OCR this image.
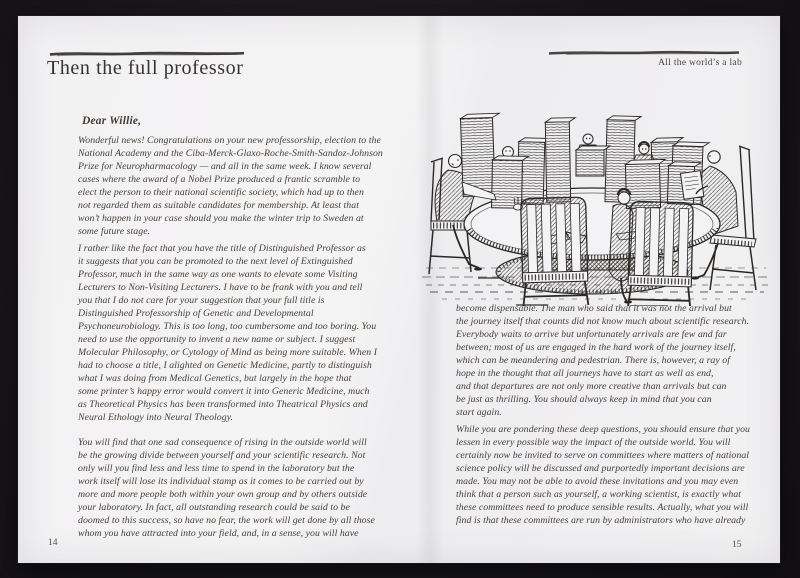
Then the full professor
Dear Willie,
Wonderful news! Congratulations on your new professorship, election to the
National Academy and the Ciba-Merck-Glaxo-Roche-Smith-Sandoz-Johnson
Prize for Neuropharmacology — and all in the same week. I know several
cases where the award of a Nobel Prize produced a frantic scramble to
elect the person to their national scientific society, which had up to then
not regarded them as suitable candidates for membership. At least that
won’t happen in your case should you make the winter trip to Sweden at
some future stage.
I rather like the fact that you have the title of Distinguished Professor as
it suggests that you can be promoted to the next level of Extinguished
Professor, much in the same way as one wants to elevate some Visiting
Lecturers to Non-Visiting Lecturers. I have to be frank with you and tell
you that I do not care for your suggestion that your full title is
Distinguished Professorship of Genetic and Developmental
Psychoneurobiology. This is too long, too cumbersome and too boring. You
need to use the opportunity to invent a new name or subject. I suggest
Molecular Philosophy, or Cytology of Mind as being more suitable. When I
had to choose a title, I alighted on Genetic Medicine, partly to distinguish
what I was doing from Medical Genetics, but largely in the hope that
some printer’s happy error would convert it into Generic Medicine, much
as Theoretical Physics has been transformed into Theatrical Physics and
Neural Ethology into Neural Theology.
You will find that one sad consequence of rising in the outside world will
be the growing divide between yourself and your scientific research. Not
only will you find less and less time to spend in the laboratory but the
work itself will lose its individual stamp as it comes to be carried out by
more and more people both within your own group and by others outside
your laboratory. In fact, all outstanding research could be said to be
doomed to this success, so have no fear, the work will get done by all those
whom you have attracted into your field, and, in a sense, you will have
14
All the world’s a lab
become dispensable. The man who said that it was not the arrival but
the journey itself that counts did not know much about scientific research.
Everybody waits to arrive but unfortunately arrivals are few and far
between; most of us are engaged in the hard work of the journey itself,
which can be meandering and pedestrian. There is, however, a ray of
hope in the thought that all journeys have to start as well as end,
and that departures are not only more creative than arrivals but can
be just as thrilling. You should always keep in mind that you can
start again.
While you are pondering these deep questions, you should ensure that you
lessen in every possible way the impact of the outside world. You will
certainly now be invited to serve on committees where matters of national
science policy will be discussed and purportedly important decisions are
made. You may not be able to avoid these invitations and you may even
think that a person such as yourself, a working scientist, is exactly what
these committees need to produce sensible results. Actually, what you will
find is that these committees are run by administrators who have already
15
